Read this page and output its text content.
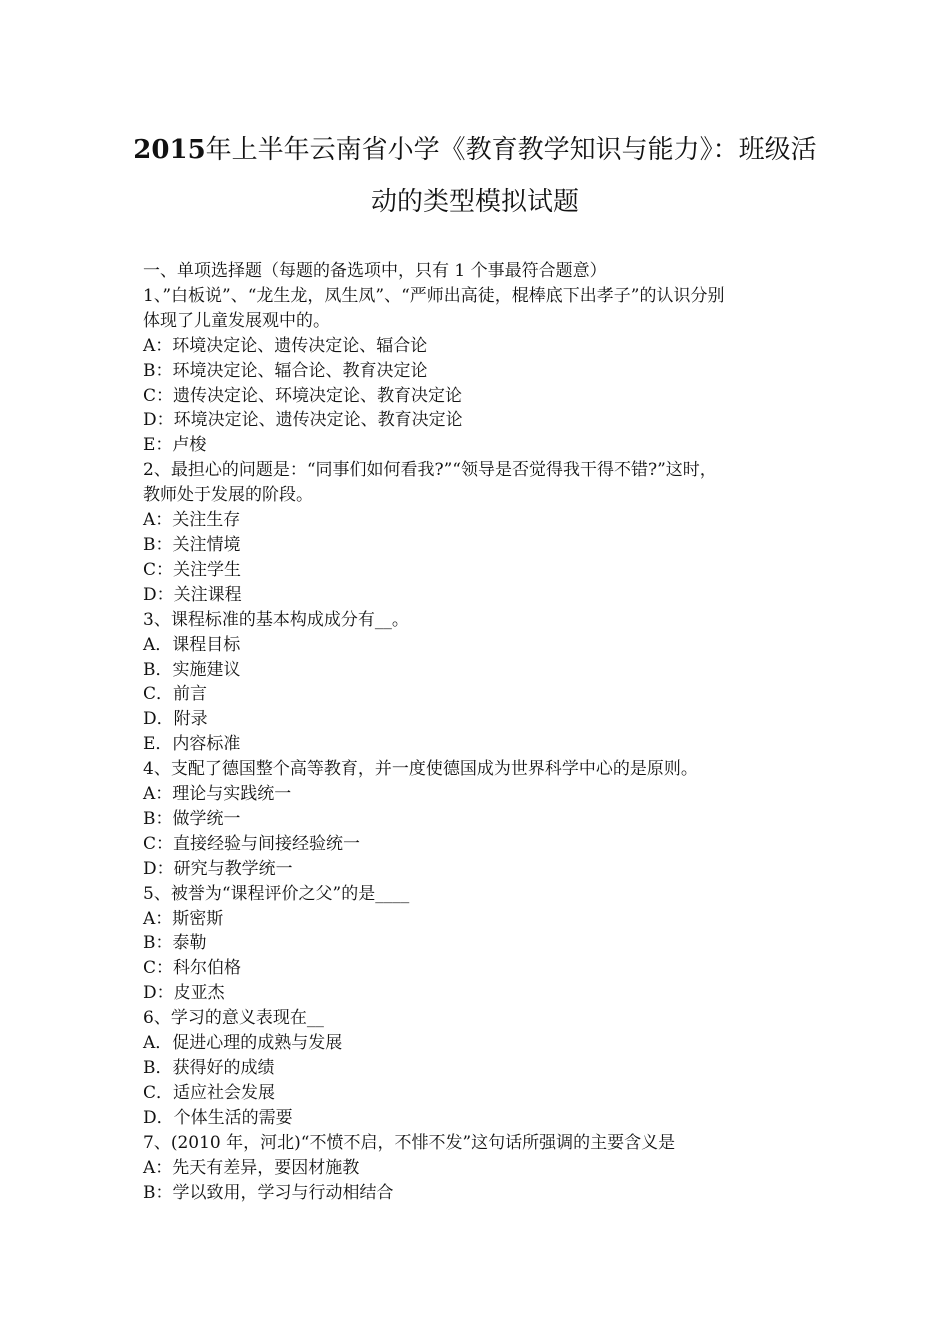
2015年上半年云南省小学《教育教学知识与能力》：班级活
动的类型模拟试题

一、单项选择题（每题的备选项中，只有 1 个事最符合题意）

1、”白板说”、“龙生龙，凤生凤”、“严师出高徒，棍棒底下出孝子”的认识分别

体现了儿童发展观中的。

A：环境决定论、遗传决定论、辐合论

B：环境决定论、辐合论、教育决定论

C：遗传决定论、环境决定论、教育决定论

D：环境决定论、遗传决定论、教育决定论

E：卢梭

2、最担心的问题是：“同事们如何看我?”“领导是否觉得我干得不错?”这时，

教师处于发展的阶段。

A：关注生存

B：关注情境

C：关注学生

D：关注课程

3、课程标准的基本构成成分有__。

A．课程目标

B．实施建议

C．前言

D．附录

E．内容标准

4、支配了德国整个高等教育，并一度使德国成为世界科学中心的是原则。

A：理论与实践统一

B：做学统一

C：直接经验与间接经验统一

D：研究与教学统一

5、被誉为“课程评价之父”的是____

A：斯密斯

B：泰勒

C：科尔伯格

D：皮亚杰

6、学习的意义表现在__

A．促进心理的成熟与发展

B．获得好的成绩

C．适应社会发展

D．个体生活的需要

7、(2010 年，河北)“不愤不启，不悱不发”这句话所强调的主要含义是

A：先天有差异，要因材施教

B：学以致用，学习与行动相结合
